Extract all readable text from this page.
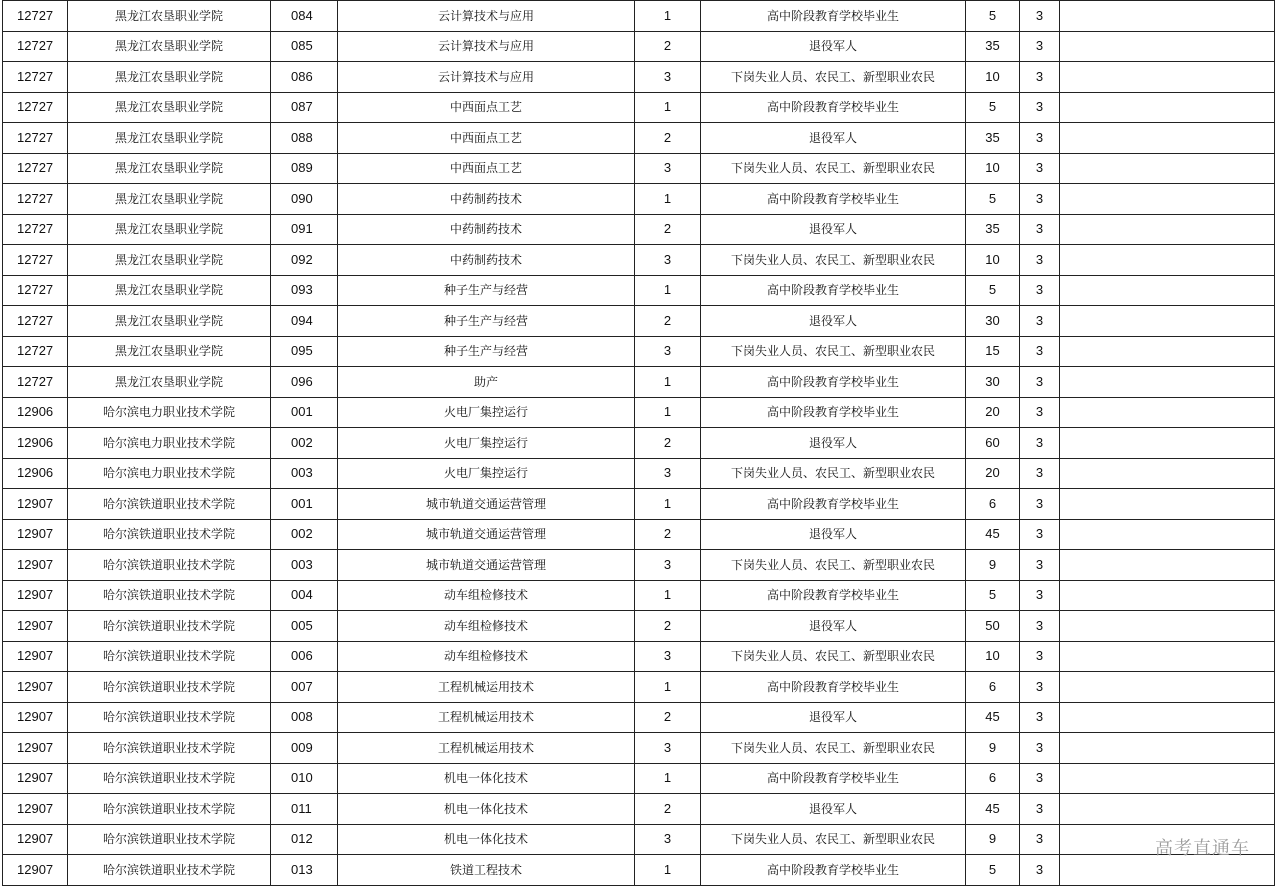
12727	黑龙江农垦职业学院	084	云计算技术与应用	1	高中阶段教育学校毕业生	5	3	
12727	黑龙江农垦职业学院	085	云计算技术与应用	2	退役军人	35	3	
12727	黑龙江农垦职业学院	086	云计算技术与应用	3	下岗失业人员、农民工、新型职业农民	10	3	
12727	黑龙江农垦职业学院	087	中西面点工艺	1	高中阶段教育学校毕业生	5	3	
12727	黑龙江农垦职业学院	088	中西面点工艺	2	退役军人	35	3	
12727	黑龙江农垦职业学院	089	中西面点工艺	3	下岗失业人员、农民工、新型职业农民	10	3	
12727	黑龙江农垦职业学院	090	中药制药技术	1	高中阶段教育学校毕业生	5	3	
12727	黑龙江农垦职业学院	091	中药制药技术	2	退役军人	35	3	
12727	黑龙江农垦职业学院	092	中药制药技术	3	下岗失业人员、农民工、新型职业农民	10	3	
12727	黑龙江农垦职业学院	093	种子生产与经营	1	高中阶段教育学校毕业生	5	3	
12727	黑龙江农垦职业学院	094	种子生产与经营	2	退役军人	30	3	
12727	黑龙江农垦职业学院	095	种子生产与经营	3	下岗失业人员、农民工、新型职业农民	15	3	
12727	黑龙江农垦职业学院	096	助产	1	高中阶段教育学校毕业生	30	3	
12906	哈尔滨电力职业技术学院	001	火电厂集控运行	1	高中阶段教育学校毕业生	20	3	
12906	哈尔滨电力职业技术学院	002	火电厂集控运行	2	退役军人	60	3	
12906	哈尔滨电力职业技术学院	003	火电厂集控运行	3	下岗失业人员、农民工、新型职业农民	20	3	
12907	哈尔滨铁道职业技术学院	001	城市轨道交通运营管理	1	高中阶段教育学校毕业生	6	3	
12907	哈尔滨铁道职业技术学院	002	城市轨道交通运营管理	2	退役军人	45	3	
12907	哈尔滨铁道职业技术学院	003	城市轨道交通运营管理	3	下岗失业人员、农民工、新型职业农民	9	3	
12907	哈尔滨铁道职业技术学院	004	动车组检修技术	1	高中阶段教育学校毕业生	5	3	
12907	哈尔滨铁道职业技术学院	005	动车组检修技术	2	退役军人	50	3	
12907	哈尔滨铁道职业技术学院	006	动车组检修技术	3	下岗失业人员、农民工、新型职业农民	10	3	
12907	哈尔滨铁道职业技术学院	007	工程机械运用技术	1	高中阶段教育学校毕业生	6	3	
12907	哈尔滨铁道职业技术学院	008	工程机械运用技术	2	退役军人	45	3	
12907	哈尔滨铁道职业技术学院	009	工程机械运用技术	3	下岗失业人员、农民工、新型职业农民	9	3	
12907	哈尔滨铁道职业技术学院	010	机电一体化技术	1	高中阶段教育学校毕业生	6	3	
12907	哈尔滨铁道职业技术学院	011	机电一体化技术	2	退役军人	45	3	
12907	哈尔滨铁道职业技术学院	012	机电一体化技术	3	下岗失业人员、农民工、新型职业农民	9	3	
12907	哈尔滨铁道职业技术学院	013	铁道工程技术	1	高中阶段教育学校毕业生	5	3	
高考直通车
